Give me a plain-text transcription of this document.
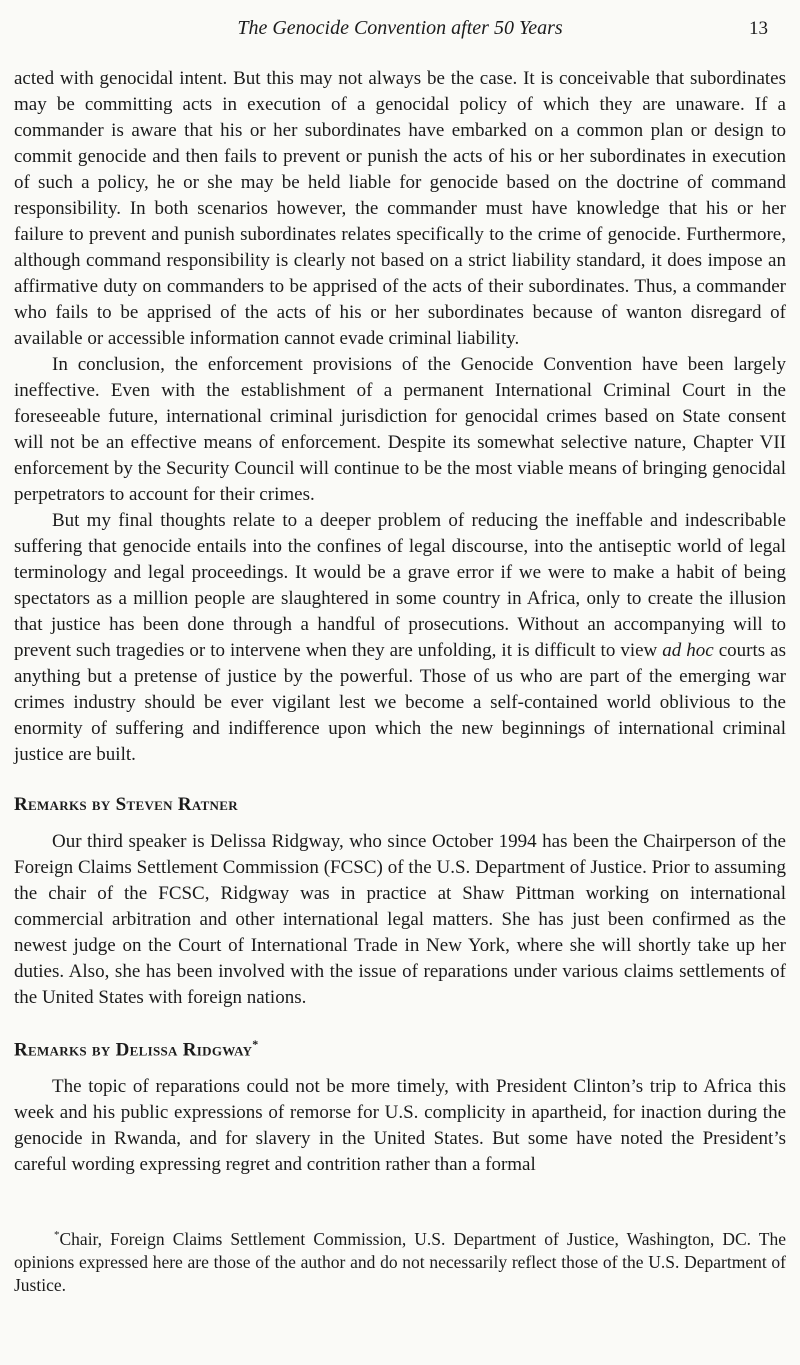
The Genocide Convention after 50 Years	13

acted with genocidal intent. But this may not always be the case. It is conceivable that subordinates may be committing acts in execution of a genocidal policy of which they are unaware. If a commander is aware that his or her subordinates have embarked on a common plan or design to commit genocide and then fails to prevent or punish the acts of his or her subordinates in execution of such a policy, he or she may be held liable for genocide based on the doctrine of command responsibility. In both scenarios however, the commander must have knowledge that his or her failure to prevent and punish subordinates relates specifically to the crime of genocide. Furthermore, although command responsibility is clearly not based on a strict liability standard, it does impose an affirmative duty on commanders to be apprised of the acts of their subordinates. Thus, a commander who fails to be apprised of the acts of his or her subordinates because of wanton disregard of available or accessible information cannot evade criminal liability.

In conclusion, the enforcement provisions of the Genocide Convention have been largely ineffective. Even with the establishment of a permanent International Criminal Court in the foreseeable future, international criminal jurisdiction for genocidal crimes based on State consent will not be an effective means of enforcement. Despite its somewhat selective nature, Chapter VII enforcement by the Security Council will continue to be the most viable means of bringing genocidal perpetrators to account for their crimes.

But my final thoughts relate to a deeper problem of reducing the ineffable and indescribable suffering that genocide entails into the confines of legal discourse, into the antiseptic world of legal terminology and legal proceedings. It would be a grave error if we were to make a habit of being spectators as a million people are slaughtered in some country in Africa, only to create the illusion that justice has been done through a handful of prosecutions. Without an accompanying will to prevent such tragedies or to intervene when they are unfolding, it is difficult to view ad hoc courts as anything but a pretense of justice by the powerful. Those of us who are part of the emerging war crimes industry should be ever vigilant lest we become a self-contained world oblivious to the enormity of suffering and indifference upon which the new beginnings of international criminal justice are built.

Remarks by Steven Ratner

Our third speaker is Delissa Ridgway, who since October 1994 has been the Chairperson of the Foreign Claims Settlement Commission (FCSC) of the U.S. Department of Justice. Prior to assuming the chair of the FCSC, Ridgway was in practice at Shaw Pittman working on international commercial arbitration and other international legal matters. She has just been confirmed as the newest judge on the Court of International Trade in New York, where she will shortly take up her duties. Also, she has been involved with the issue of reparations under various claims settlements of the United States with foreign nations.

Remarks by Delissa Ridgway*

The topic of reparations could not be more timely, with President Clinton’s trip to Africa this week and his public expressions of remorse for U.S. complicity in apartheid, for inaction during the genocide in Rwanda, and for slavery in the United States. But some have noted the President’s careful wording expressing regret and contrition rather than a formal

*Chair, Foreign Claims Settlement Commission, U.S. Department of Justice, Washington, DC. The opinions expressed here are those of the author and do not necessarily reflect those of the U.S. Department of Justice.
